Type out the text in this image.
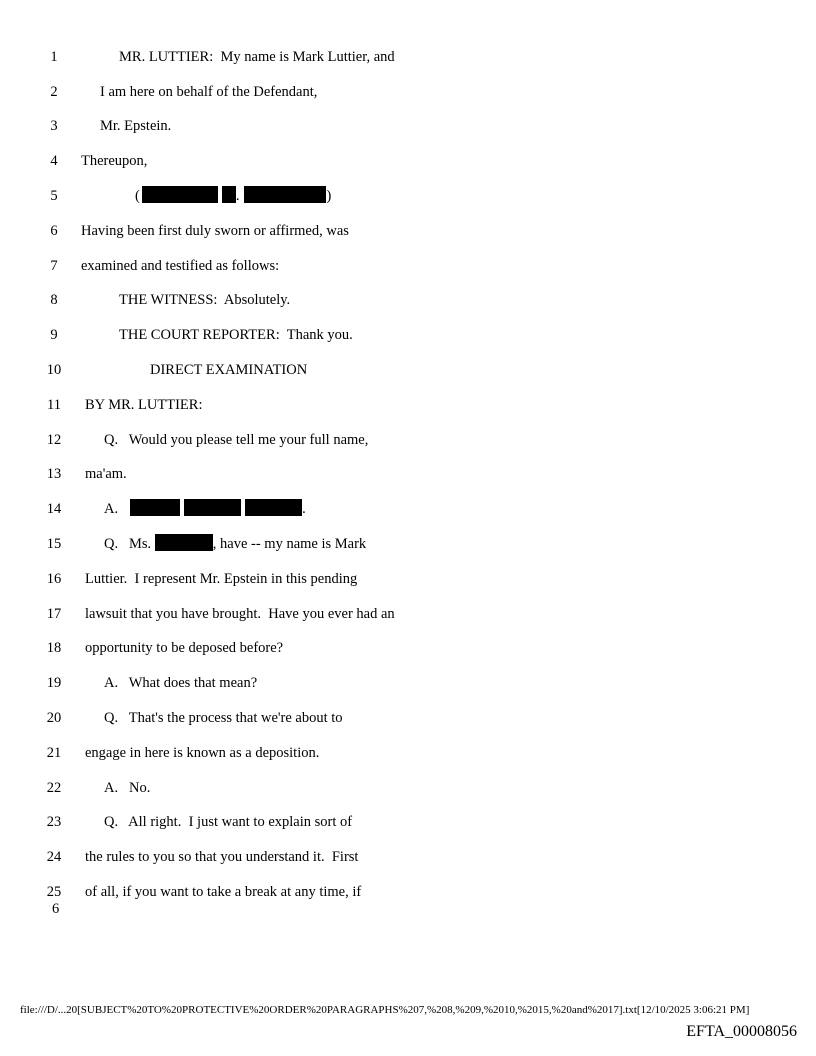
1	MR. LUTTIER:  My name is Mark Luttier, and
2	I am here on behalf of the Defendant,
3	Mr. Epstein.
4	Thereupon,
5	(	.	)
6	Having been first duly sworn or affirmed, was
7	examined and testified as follows:
8	THE WITNESS:  Absolutely.
9	THE COURT REPORTER:  Thank you.
10	DIRECT EXAMINATION
11	BY MR. LUTTIER:
12	Q.   Would you please tell me your full name,
13	ma'am.
14	A.	.
15	Q.   Ms.	, have -- my name is Mark
16	Luttier.  I represent Mr. Epstein in this pending
17	lawsuit that you have brought.  Have you ever had an
18	opportunity to be deposed before?
19	A.   What does that mean?
20	Q.   That's the process that we're about to
21	engage in here is known as a deposition.
22	A.   No.
23	Q.   All right.  I just want to explain sort of
24	the rules to you so that you understand it.  First
25	of all, if you want to take a break at any time, if
6
file:///D/...20[SUBJECT%20TO%20PROTECTIVE%20ORDER%20PARAGRAPHS%207,%208,%209,%2010,%2015,%20and%2017].txt[12/10/2025 3:06:21 PM]
EFTA_00008056
